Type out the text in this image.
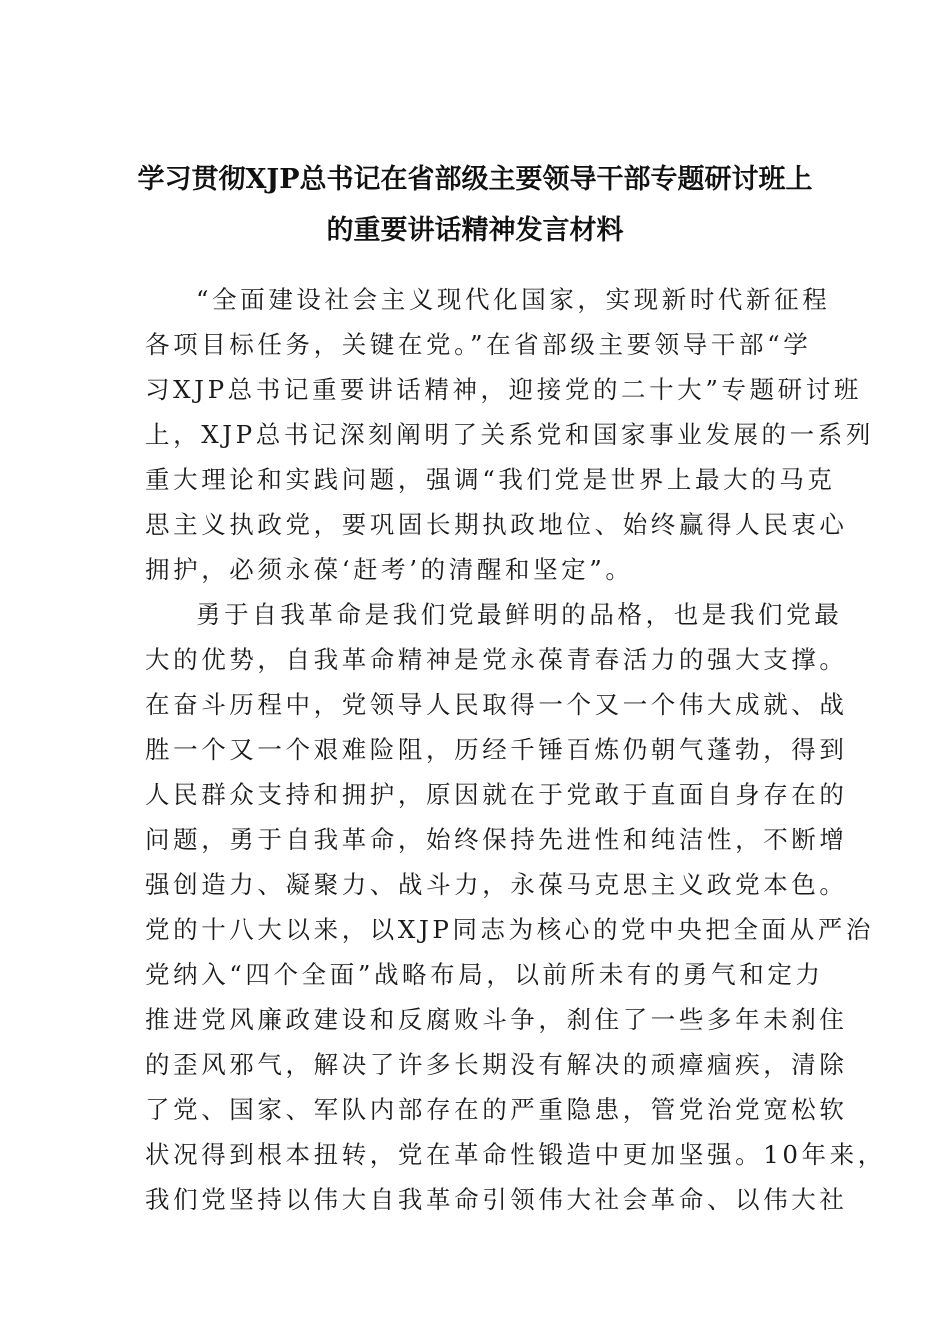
学习贯彻XJP总书记在省部级主要领导干部专题研讨班上
的重要讲话精神发言材料
“全面建设社会主义现代化国家，实现新时代新征程
各项目标任务，关键在党。”在省部级主要领导干部“学
习XJP总书记重要讲话精神，迎接党的二十大”专题研讨班
上，XJP总书记深刻阐明了关系党和国家事业发展的一系列
重大理论和实践问题，强调“我们党是世界上最大的马克
思主义执政党，要巩固长期执政地位、始终赢得人民衷心
拥护，必须永葆‘赶考’的清醒和坚定”。
勇于自我革命是我们党最鲜明的品格，也是我们党最
大的优势，自我革命精神是党永葆青春活力的强大支撑。
在奋斗历程中，党领导人民取得一个又一个伟大成就、战
胜一个又一个艰难险阻，历经千锤百炼仍朝气蓬勃，得到
人民群众支持和拥护，原因就在于党敢于直面自身存在的
问题，勇于自我革命，始终保持先进性和纯洁性，不断增
强创造力、凝聚力、战斗力，永葆马克思主义政党本色。
党的十八大以来，以XJP同志为核心的党中央把全面从严治
党纳入“四个全面”战略布局，以前所未有的勇气和定力
推进党风廉政建设和反腐败斗争，刹住了一些多年未刹住
的歪风邪气，解决了许多长期没有解决的顽瘴痼疾，清除
了党、国家、军队内部存在的严重隐患，管党治党宽松软
状况得到根本扭转，党在革命性锻造中更加坚强。10年来，
我们党坚持以伟大自我革命引领伟大社会革命、以伟大社
